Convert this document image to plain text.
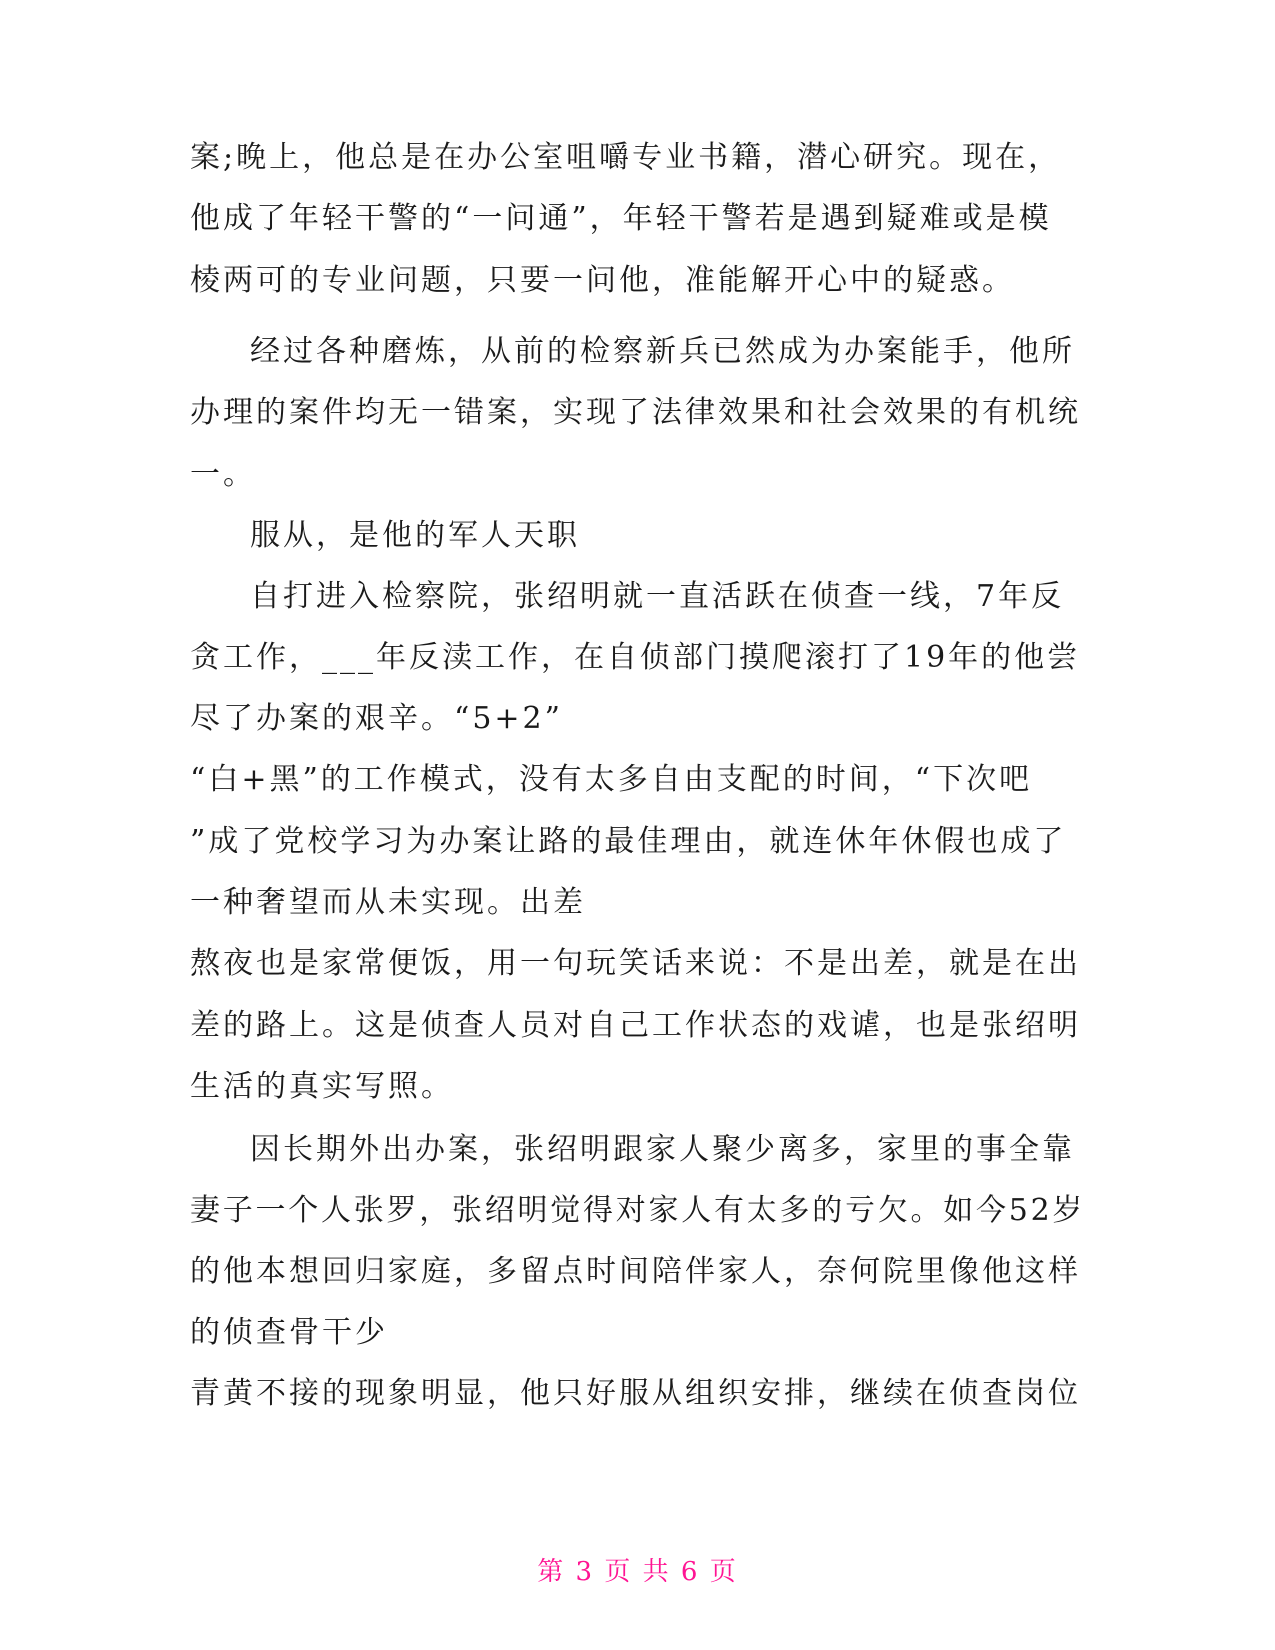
案;晚上，他总是在办公室咀嚼专业书籍，潜心研究。现在，
他成了年轻干警的“一问通”，年轻干警若是遇到疑难或是模
棱两可的专业问题，只要一问他，准能解开心中的疑惑。
经过各种磨炼，从前的检察新兵已然成为办案能手，他所
办理的案件均无一错案，实现了法律效果和社会效果的有机统
一。
服从，是他的军人天职
自打进入检察院，张绍明就一直活跃在侦查一线，7年反
贪工作，___年反渎工作，在自侦部门摸爬滚打了19年的他尝
尽了办案的艰辛。“5+2”
“白+黑”的工作模式，没有太多自由支配的时间，“下次吧
”成了党校学习为办案让路的最佳理由，就连休年休假也成了
一种奢望而从未实现。出差
熬夜也是家常便饭，用一句玩笑话来说：不是出差，就是在出
差的路上。这是侦查人员对自己工作状态的戏谑，也是张绍明
生活的真实写照。
因长期外出办案，张绍明跟家人聚少离多，家里的事全靠
妻子一个人张罗，张绍明觉得对家人有太多的亏欠。如今52岁
的他本想回归家庭，多留点时间陪伴家人，奈何院里像他这样
的侦查骨干少
青黄不接的现象明显，他只好服从组织安排，继续在侦查岗位
第 3 页 共 6 页
